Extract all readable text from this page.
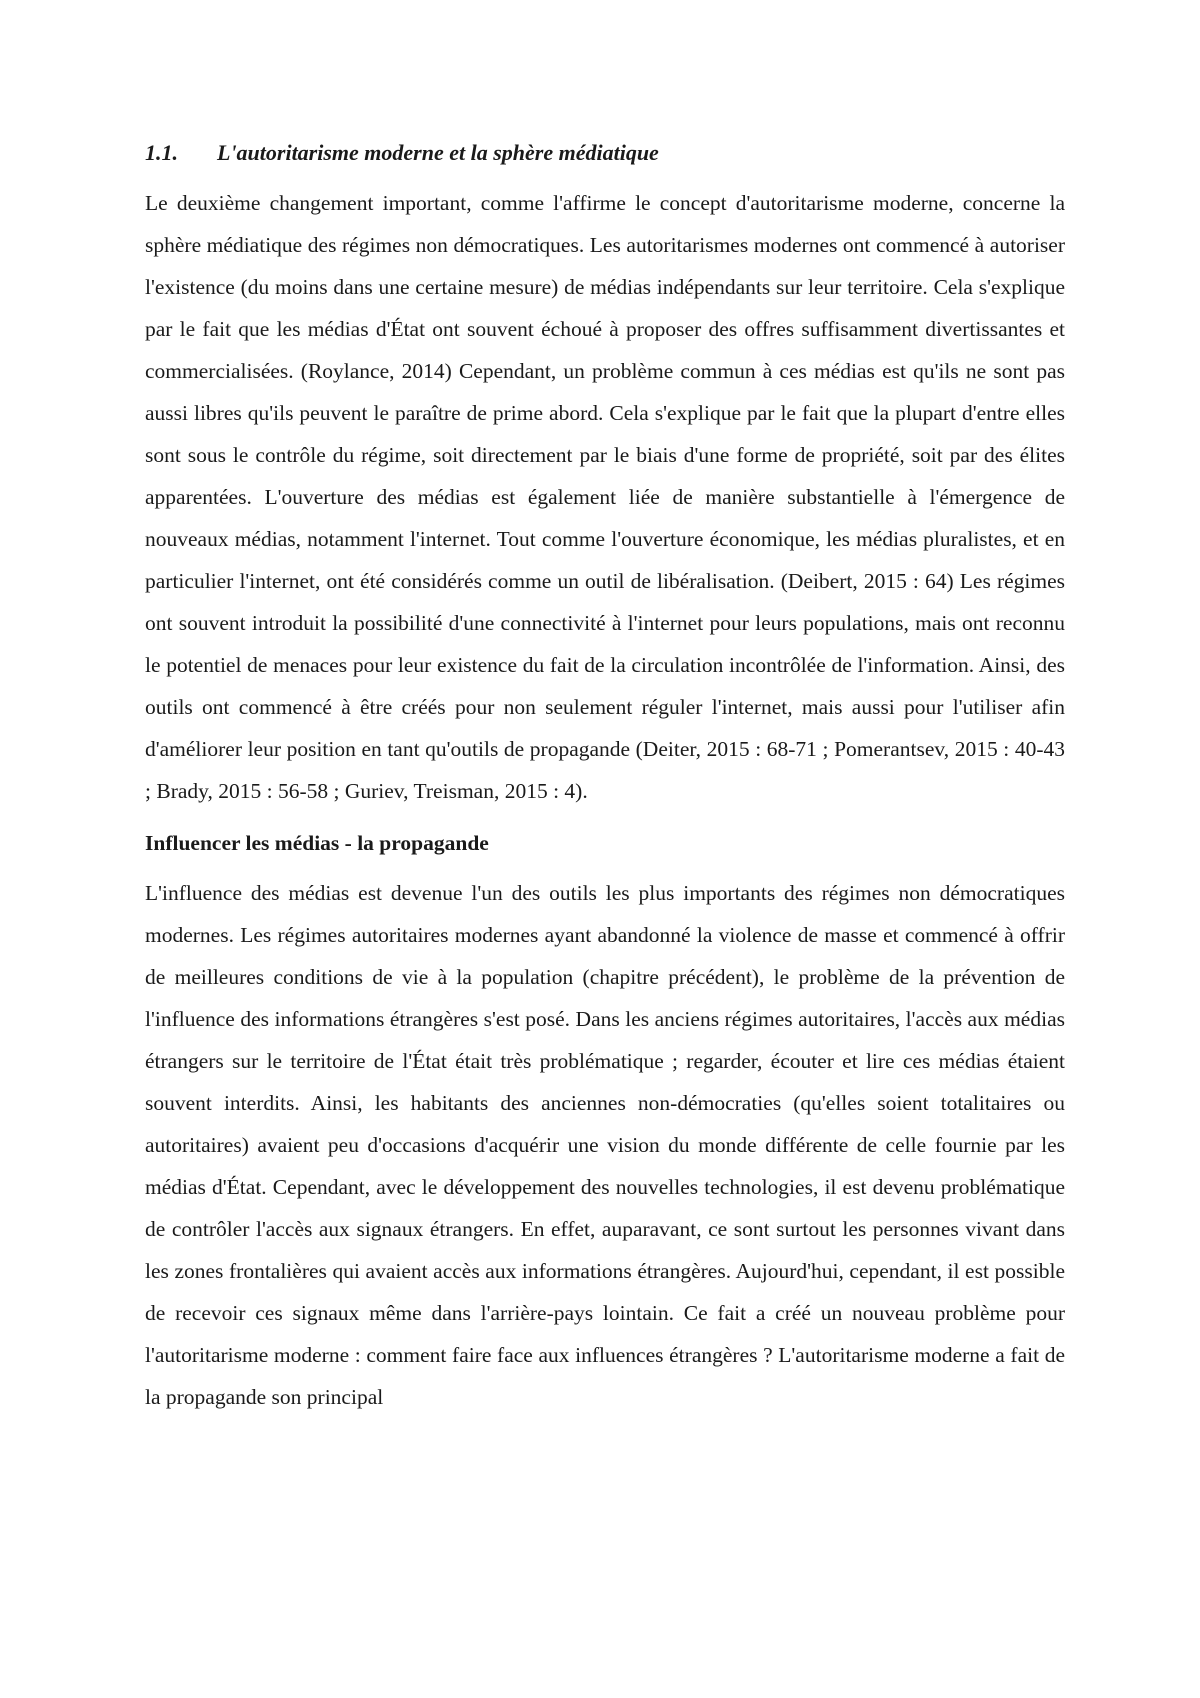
1.1.	L'autoritarisme moderne et la sphère médiatique

Le deuxième changement important, comme l'affirme le concept d'autoritarisme moderne, concerne la sphère médiatique des régimes non démocratiques. Les autoritarismes modernes ont commencé à autoriser l'existence (du moins dans une certaine mesure) de médias indépendants sur leur territoire. Cela s'explique par le fait que les médias d'État ont souvent échoué à proposer des offres suffisamment divertissantes et commercialisées. (Roylance, 2014) Cependant, un problème commun à ces médias est qu'ils ne sont pas aussi libres qu'ils peuvent le paraître de prime abord. Cela s'explique par le fait que la plupart d'entre elles sont sous le contrôle du régime, soit directement par le biais d'une forme de propriété, soit par des élites apparentées. L'ouverture des médias est également liée de manière substantielle à l'émergence de nouveaux médias, notamment l'internet. Tout comme l'ouverture économique, les médias pluralistes, et en particulier l'internet, ont été considérés comme un outil de libéralisation. (Deibert, 2015 : 64) Les régimes ont souvent introduit la possibilité d'une connectivité à l'internet pour leurs populations, mais ont reconnu le potentiel de menaces pour leur existence du fait de la circulation incontrôlée de l'information. Ainsi, des outils ont commencé à être créés pour non seulement réguler l'internet, mais aussi pour l'utiliser afin d'améliorer leur position en tant qu'outils de propagande (Deiter, 2015 : 68-71 ; Pomerantsev, 2015 : 40-43 ; Brady, 2015 : 56-58 ; Guriev, Treisman, 2015 : 4).

Influencer les médias - la propagande

L'influence des médias est devenue l'un des outils les plus importants des régimes non démocratiques modernes. Les régimes autoritaires modernes ayant abandonné la violence de masse et commencé à offrir de meilleures conditions de vie à la population (chapitre précédent), le problème de la prévention de l'influence des informations étrangères s'est posé. Dans les anciens régimes autoritaires, l'accès aux médias étrangers sur le territoire de l'État était très problématique ; regarder, écouter et lire ces médias étaient souvent interdits. Ainsi, les habitants des anciennes non-démocraties (qu'elles soient totalitaires ou autoritaires) avaient peu d'occasions d'acquérir une vision du monde différente de celle fournie par les médias d'État. Cependant, avec le développement des nouvelles technologies, il est devenu problématique de contrôler l'accès aux signaux étrangers. En effet, auparavant, ce sont surtout les personnes vivant dans les zones frontalières qui avaient accès aux informations étrangères. Aujourd'hui, cependant, il est possible de recevoir ces signaux même dans l'arrière-pays lointain. Ce fait a créé un nouveau problème pour l'autoritarisme moderne : comment faire face aux influences étrangères ? L'autoritarisme moderne a fait de la propagande son principal
